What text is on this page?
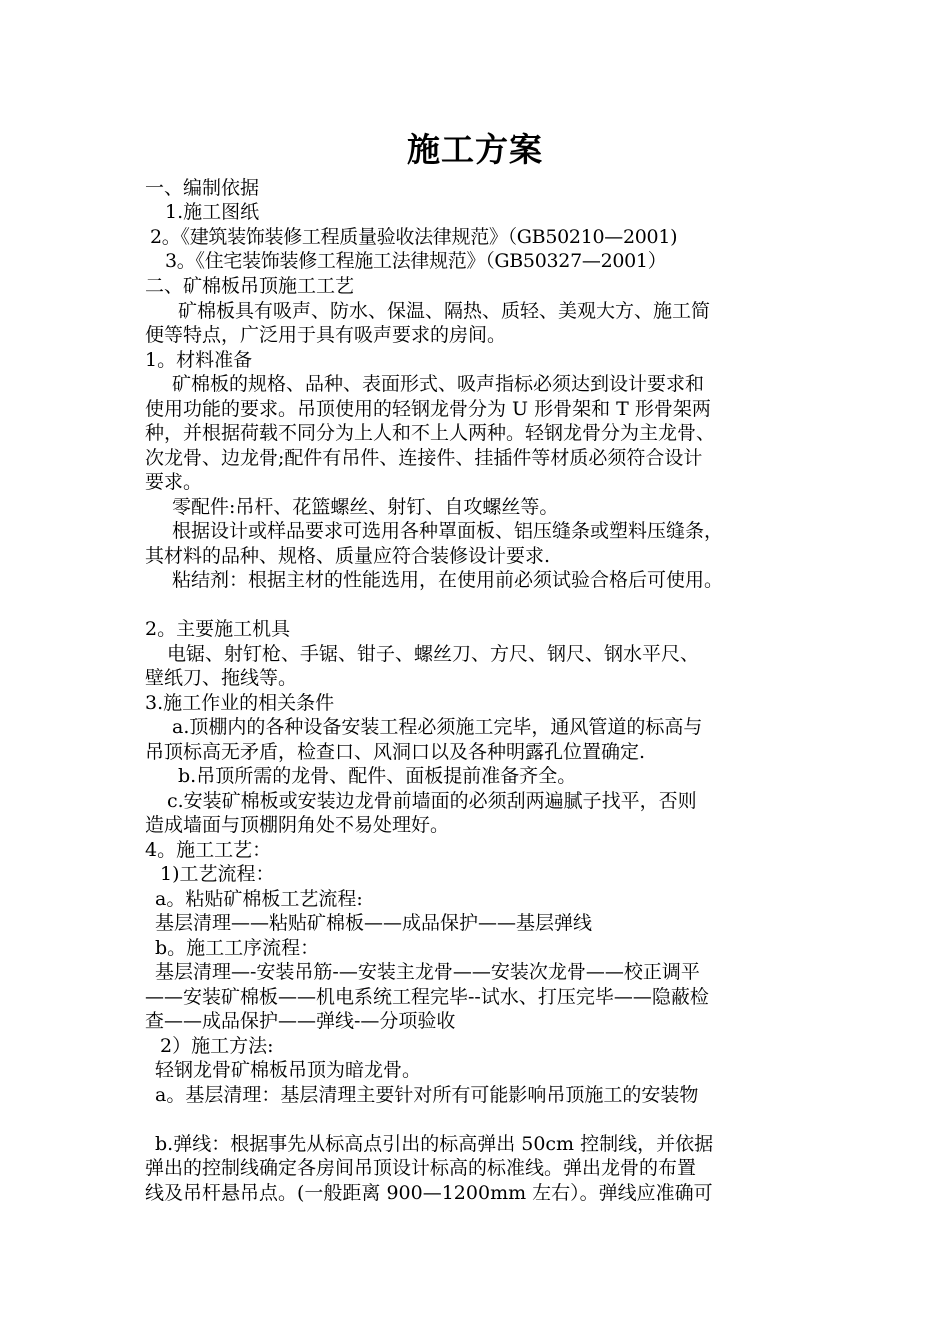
施工方案
一、编制依据
1.施工图纸
2。《建筑装饰装修工程质量验收法律规范》（GB50210—2001)
3。《住宅装饰装修工程施工法律规范》（GB50327—2001）
二、矿棉板吊顶施工工艺
矿棉板具有吸声、防水、保温、隔热、质轻、美观大方、施工简
便等特点，广泛用于具有吸声要求的房间。
1。材料准备
矿棉板的规格、品种、表面形式、吸声指标必须达到设计要求和
使用功能的要求。吊顶使用的轻钢龙骨分为 U 形骨架和 T 形骨架两
种，并根据荷载不同分为上人和不上人两种。轻钢龙骨分为主龙骨、
次龙骨、边龙骨;配件有吊件、连接件、挂插件等材质必须符合设计
要求。
零配件:吊杆、花篮螺丝、射钉、自攻螺丝等。
根据设计或样品要求可选用各种罩面板、铝压缝条或塑料压缝条，
其材料的品种、规格、质量应符合装修设计要求.
粘结剂：根据主材的性能选用，在使用前必须试验合格后可使用。
2。主要施工机具
电锯、射钉枪、手锯、钳子、螺丝刀、方尺、钢尺、钢水平尺、
壁纸刀、拖线等。
3.施工作业的相关条件
a.顶棚内的各种设备安装工程必须施工完毕，通风管道的标高与
吊顶标高无矛盾，检查口、风洞口以及各种明露孔位置确定.
b.吊顶所需的龙骨、配件、面板提前准备齐全。
c.安装矿棉板或安装边龙骨前墙面的必须刮两遍腻子找平，否则
造成墙面与顶棚阴角处不易处理好。
4。施工工艺：
1)工艺流程：
a。粘贴矿棉板工艺流程:
基层清理——粘贴矿棉板——成品保护——基层弹线
b。施工工序流程：
基层清理—-安装吊筋-—安装主龙骨——安装次龙骨——校正调平
——安装矿棉板——机电系统工程完毕--试水、打压完毕——隐蔽检
查——成品保护——弹线-—分项验收
2）施工方法:
轻钢龙骨矿棉板吊顶为暗龙骨。
a。基层清理：基层清理主要针对所有可能影响吊顶施工的安装物
b.弹线：根据事先从标高点引出的标高弹出 50cm 控制线，并依据
弹出的控制线确定各房间吊顶设计标高的标准线。弹出龙骨的布置
线及吊杆悬吊点。(一般距离 900—1200mm 左右）。弹线应准确可
